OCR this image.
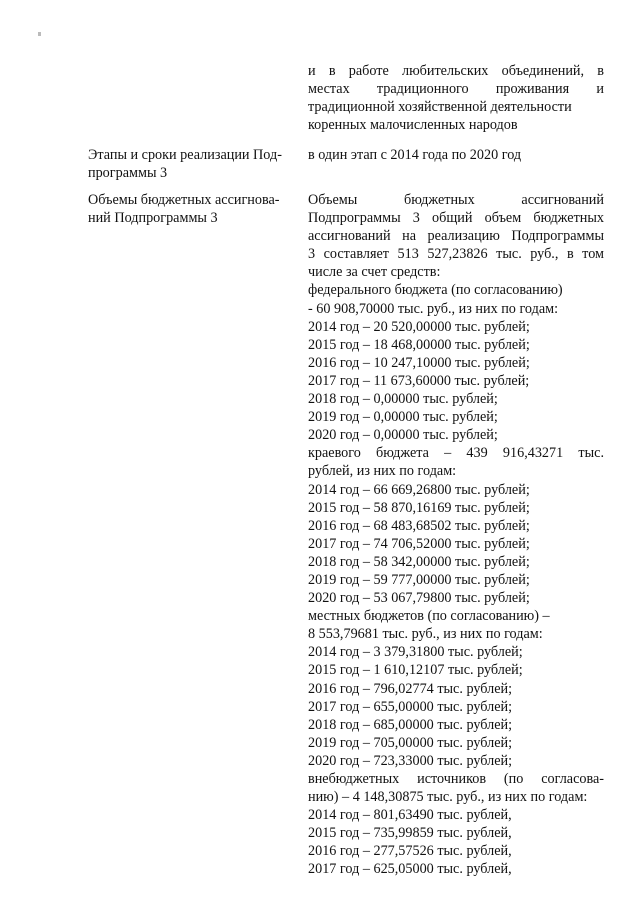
и в работе любительских объединений, в
местах традиционного проживания и
традиционной хозяйственной деятельности
коренных малочисленных народов
Этапы и сроки реализации Под-
программы 3
в один этап с 2014 года по 2020 год
Объемы бюджетных ассигнова-
ний Подпрограммы 3
Объемы бюджетных ассигнований
Подпрограммы 3 общий объем бюджетных
ассигнований на реализацию Подпрограммы
3 составляет 513 527,23826 тыс. руб., в том
числе за счет средств:
федерального бюджета (по согласованию)
- 60 908,70000 тыс. руб., из них по годам:
2014 год – 20 520,00000 тыс. рублей;
2015 год – 18 468,00000 тыс. рублей;
2016 год – 10 247,10000 тыс. рублей;
2017 год – 11 673,60000 тыс. рублей;
2018 год – 0,00000 тыс. рублей;
2019 год – 0,00000 тыс. рублей;
2020 год – 0,00000 тыс. рублей;
краевого бюджета – 439 916,43271 тыс.
рублей, из них по годам:
2014 год – 66 669,26800 тыс. рублей;
2015 год – 58 870,16169 тыс. рублей;
2016 год – 68 483,68502 тыс. рублей;
2017 год – 74 706,52000 тыс. рублей;
2018 год – 58 342,00000 тыс. рублей;
2019 год – 59 777,00000 тыс. рублей;
2020 год – 53 067,79800 тыс. рублей;
местных бюджетов (по согласованию) –
8 553,79681 тыс. руб., из них по годам:
2014 год – 3 379,31800 тыс. рублей;
2015 год – 1 610,12107 тыс. рублей;
2016 год – 796,02774 тыс. рублей;
2017 год – 655,00000 тыс. рублей;
2018 год – 685,00000 тыс. рублей;
2019 год – 705,00000 тыс. рублей;
2020 год – 723,33000 тыс. рублей;
внебюджетных источников (по согласова-
нию) – 4 148,30875 тыс. руб., из них по годам:
2014 год – 801,63490 тыс. рублей,
2015 год – 735,99859 тыс. рублей,
2016 год – 277,57526 тыс. рублей,
2017 год – 625,05000 тыс. рублей,
